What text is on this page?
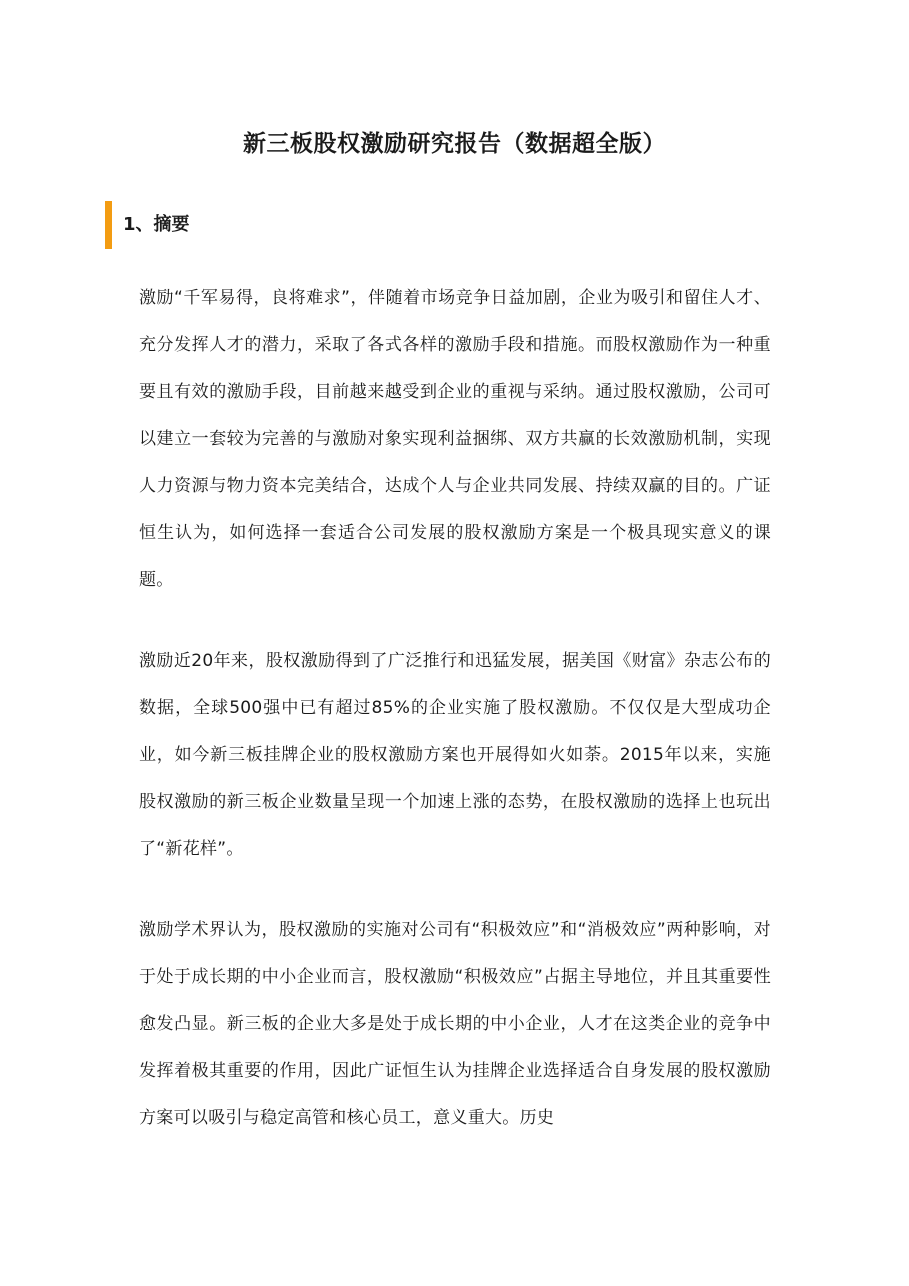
新三板股权激励研究报告（数据超全版）
1、摘要

激励“千军易得，良将难求”，伴随着市场竞争日益加剧，企业为吸引和留住人才、充分发挥人才的潜力，采取了各式各样的激励手段和措施。而股权激励作为一种重要且有效的激励手段，目前越来越受到企业的重视与采纳。通过股权激励，公司可以建立一套较为完善的与激励对象实现利益捆绑、双方共赢的长效激励机制，实现人力资源与物力资本完美结合，达成个人与企业共同发展、持续双赢的目的。广证恒生认为，如何选择一套适合公司发展的股权激励方案是一个极具现实意义的课题。

激励近20年来，股权激励得到了广泛推行和迅猛发展，据美国《财富》杂志公布的数据，全球500强中已有超过85%的企业实施了股权激励。不仅仅是大型成功企业，如今新三板挂牌企业的股权激励方案也开展得如火如荼。2015年以来，实施股权激励的新三板企业数量呈现一个加速上涨的态势，在股权激励的选择上也玩出了“新花样”。

激励学术界认为，股权激励的实施对公司有“积极效应”和“消极效应”两种影响，对于处于成长期的中小企业而言，股权激励“积极效应”占据主导地位，并且其重要性愈发凸显。新三板的企业大多是处于成长期的中小企业，人才在这类企业的竞争中发挥着极其重要的作用，因此广证恒生认为挂牌企业选择适合自身发展的股权激励方案可以吸引与稳定高管和核心员工，意义重大。历史
